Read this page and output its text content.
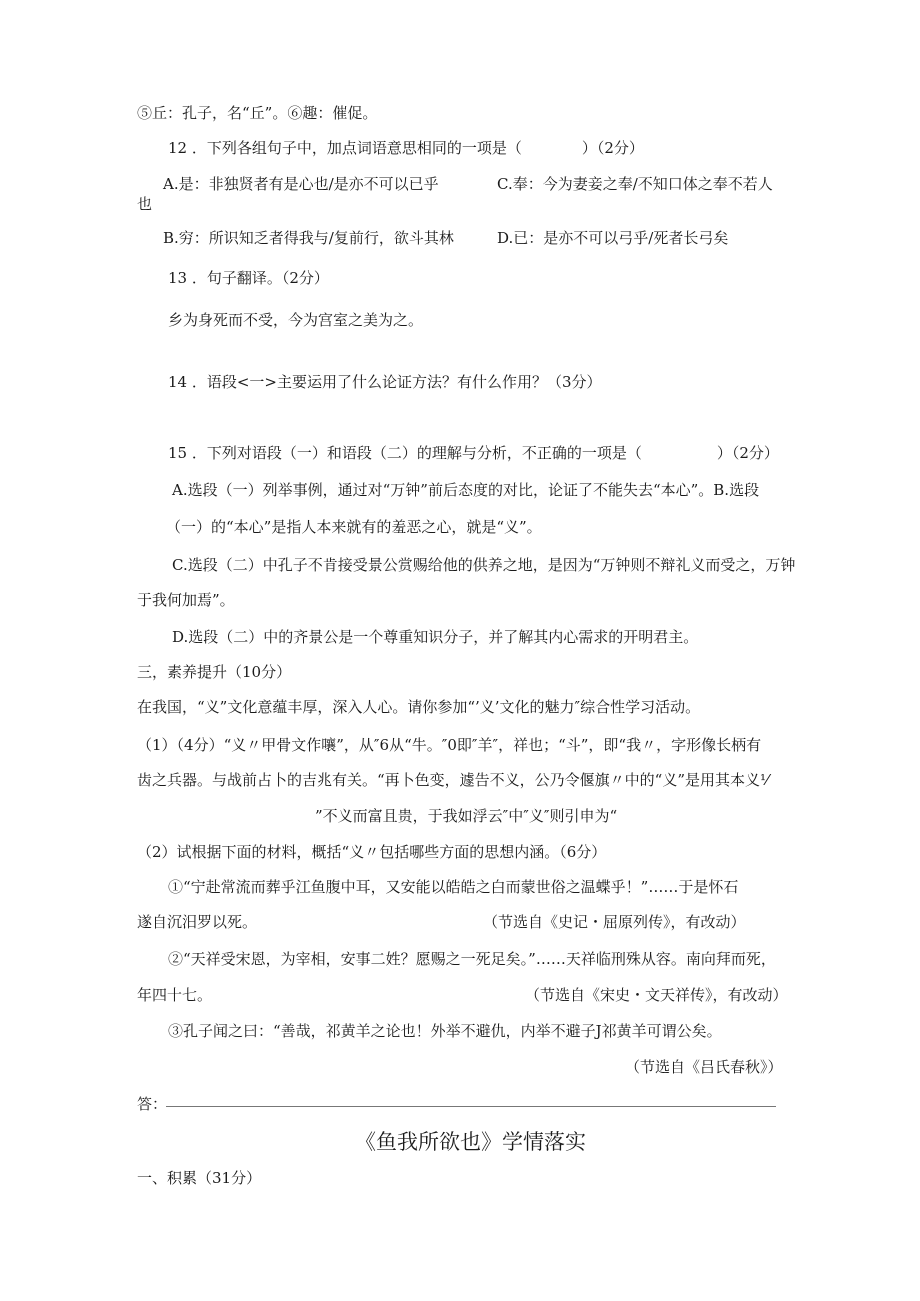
⑤丘：孔子，名“丘”。⑥趣：催促。
12 ．下列各组句子中，加点词语意思相同的一项是（　　　　）（2分）
A.是：非独贤者有是心也/是亦不可以已乎	C.奉：今为妻妾之奉/不知口体之奉不若人
也
B.穷：所识知乏者得我与/复前行，欲斗其林	D.已：是亦不可以弓乎/死者长弓矣
13 ．句子翻译。（2分）
乡为身死而不受，今为宫室之美为之。
14 ．语段<一>主要运用了什么论证方法？有什么作用？（3分）
15 ．下列对语段（一）和语段（二）的理解与分析，不正确的一项是（　　　　　）（2分）
A.选段（一）列举事例，通过对“万钟”前后态度的对比，论证了不能失去“本心”。B.选段
（一）的“本心”是指人本来就有的羞恶之心，就是“义”。
C.选段（二）中孔子不肯接受景公赏赐给他的供养之地，是因为“万钟则不辩礼义而受之，万钟
于我何加焉”。
D.选段（二）中的齐景公是一个尊重知识分子，并了解其内心需求的开明君主。
三，素养提升（10分）
在我国，“义”文化意蕴丰厚，深入人心。请你参加“’义’文化的魅力″综合性学习活动。
（1）（4分）“义〃甲骨文作嚷”，从″6从“牛。″0即″羊″，祥也；“斗”，即“我〃，字形像长柄有
齿之兵器。与战前占卜的吉兆有关。“再卜色变，遽告不义，公乃令偃旗〃中的“义”是用其本义⅟
”不义而富且贵，于我如浮云″中″义″则引申为“
（2）试根据下面的材料，概括“义〃包括哪些方面的思想内涵。（6分）
①“宁赴常流而葬乎江鱼腹中耳，又安能以皓皓之白而蒙世俗之温蝶乎！”……于是怀石
遂自沉汨罗以死。	（节选自《史记・屈原列传》，有改动）
②“天祥受宋恩，为宰相，安事二姓？愿赐之一死足矣。”……天祥临刑殊从容。南向拜而死，
年四十七。	（节选自《宋史・文天祥传》，有改动）
③孔子闻之曰：“善哉，祁黄羊之论也！外举不避仇，内举不避子J祁黄羊可谓公矣。
（节选自《吕氏春秋》）
答：
《鱼我所欲也》学情落实
一、积累（31分）
